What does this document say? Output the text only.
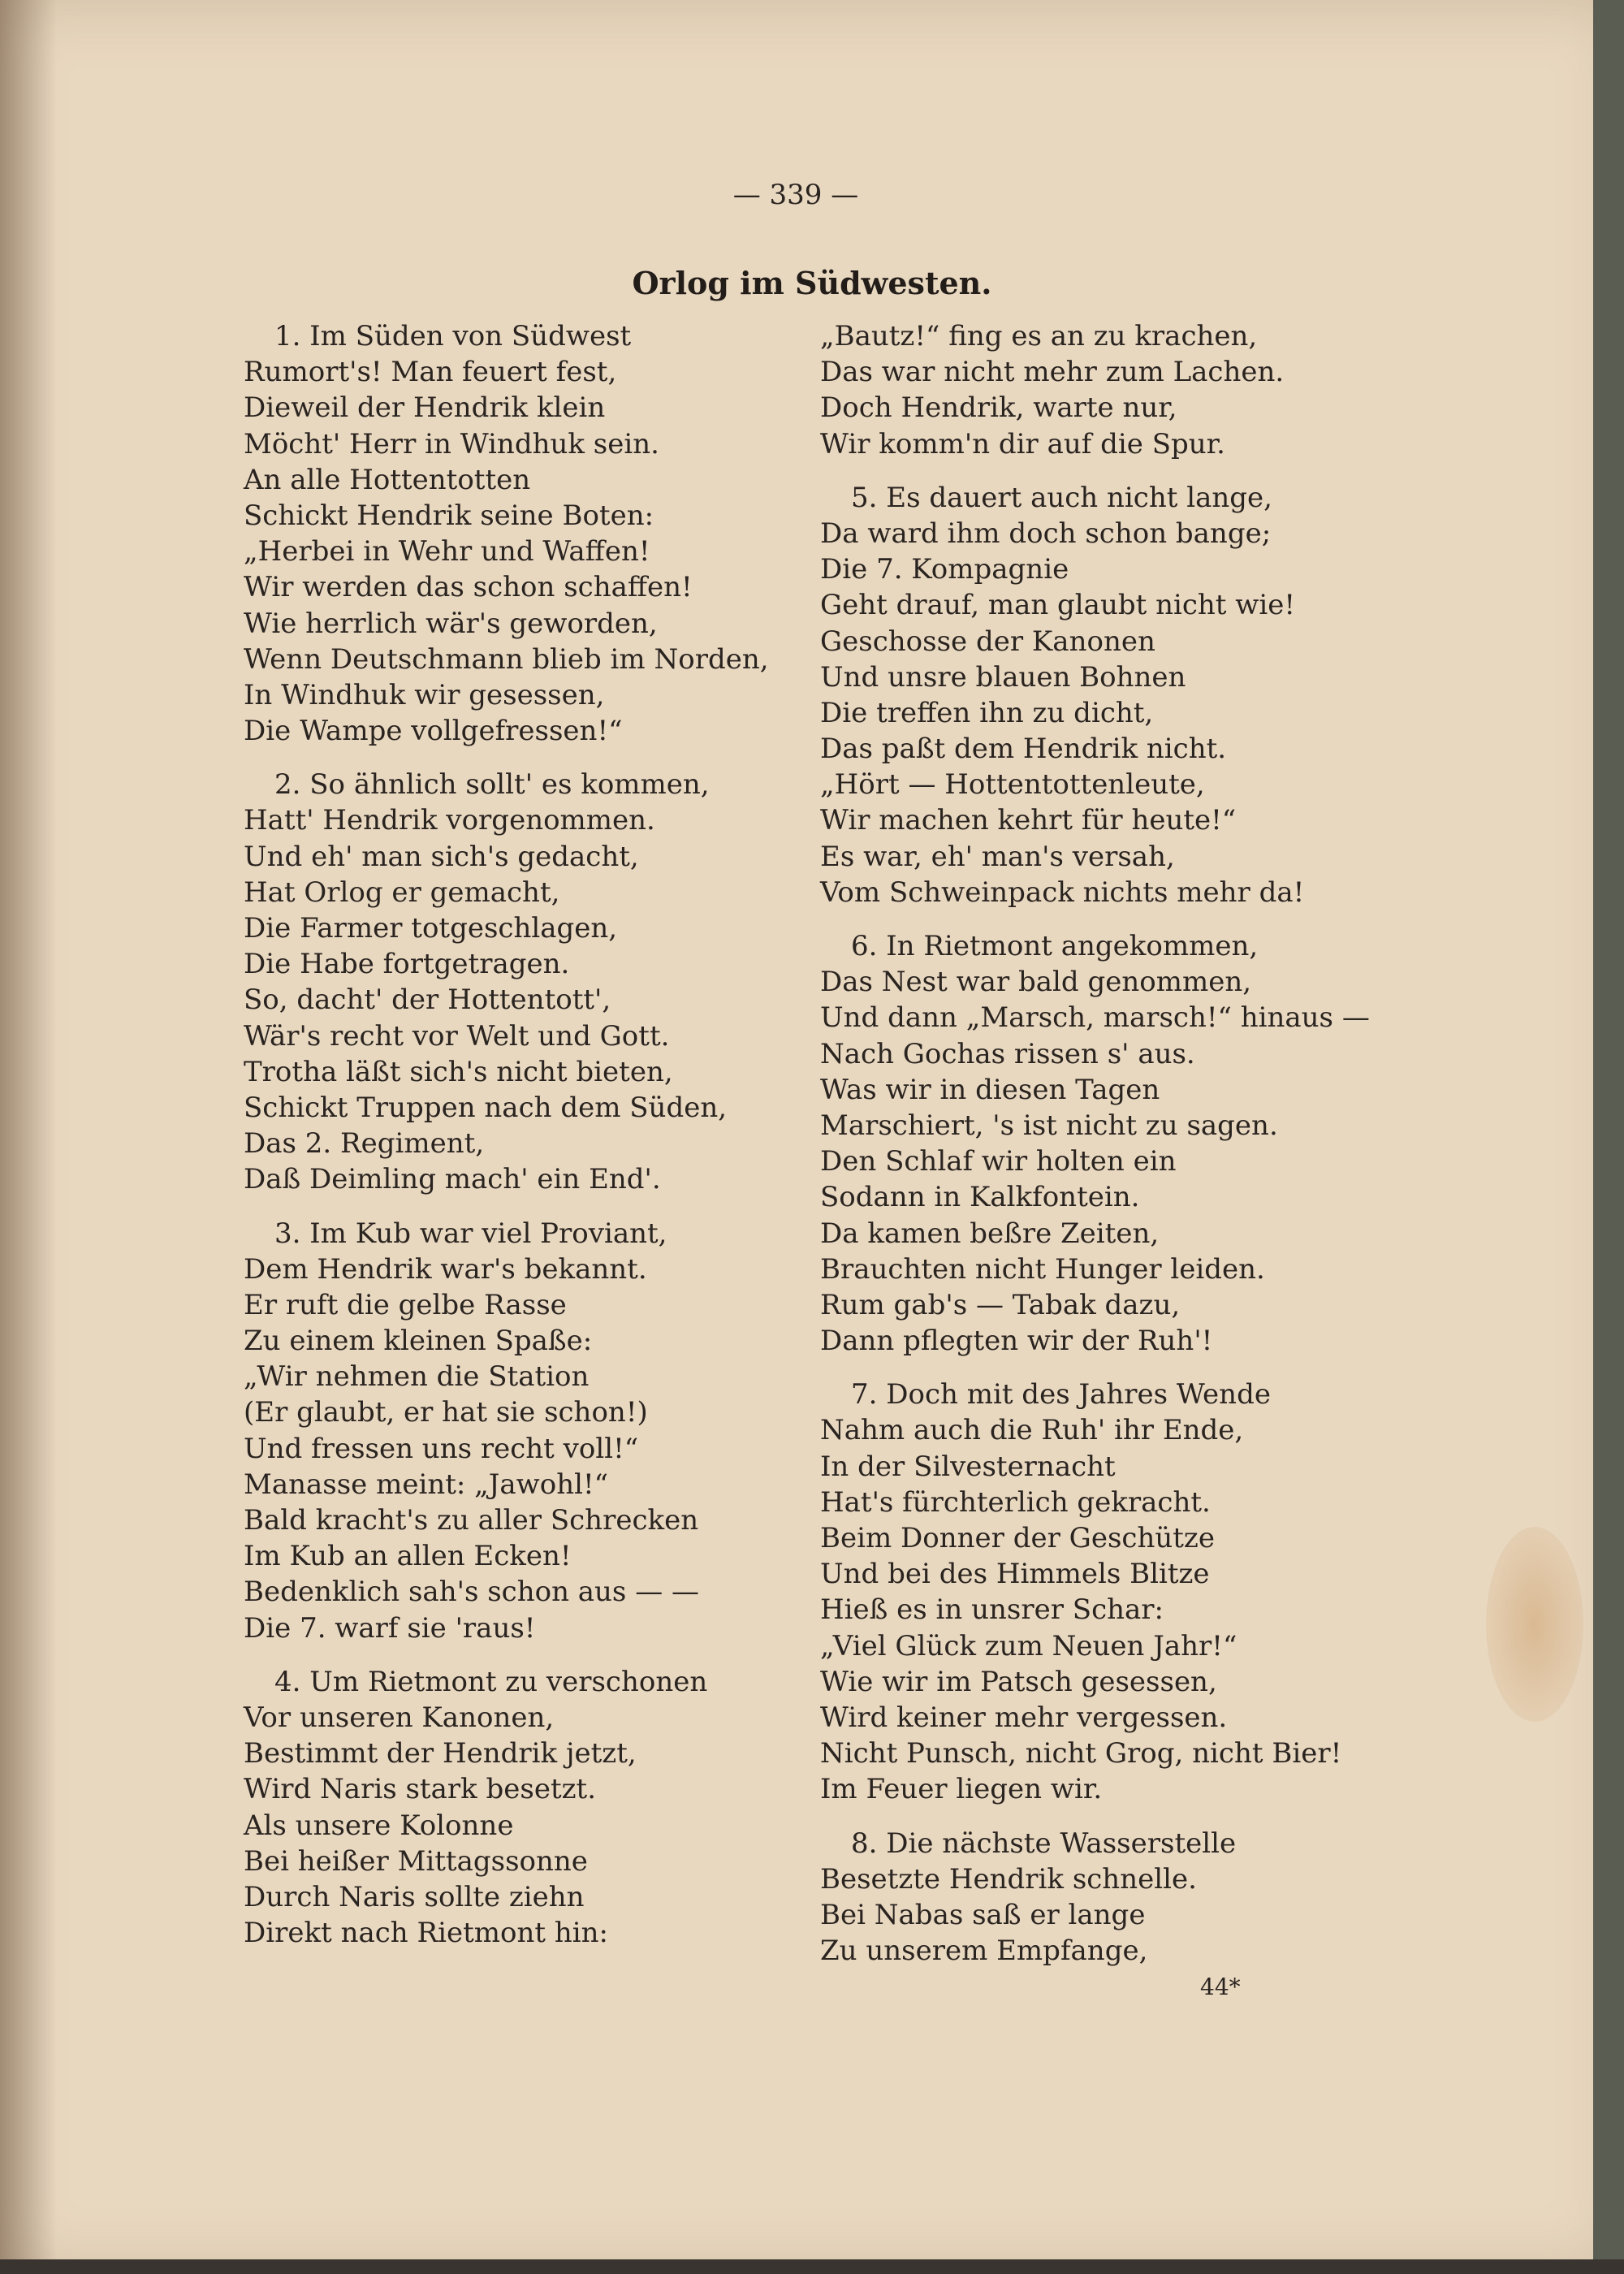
— 339 —
Orlog im Südwesten.
1. Im Süden von Südwest
Rumort's! Man feuert fest,
Dieweil der Hendrik klein
Möcht' Herr in Windhuk sein.
An alle Hottentotten
Schickt Hendrik seine Boten:
„Herbei in Wehr und Waffen!
Wir werden das schon schaffen!
Wie herrlich wär's geworden,
Wenn Deutschmann blieb im Norden,
In Windhuk wir gesessen,
Die Wampe vollgefressen!“
2. So ähnlich sollt' es kommen,
Hatt' Hendrik vorgenommen.
Und eh' man sich's gedacht,
Hat Orlog er gemacht,
Die Farmer totgeschlagen,
Die Habe fortgetragen.
So, dacht' der Hottentott',
Wär's recht vor Welt und Gott.
Trotha läßt sich's nicht bieten,
Schickt Truppen nach dem Süden,
Das 2. Regiment,
Daß Deimling mach' ein End'.
3. Im Kub war viel Proviant,
Dem Hendrik war's bekannt.
Er ruft die gelbe Rasse
Zu einem kleinen Spaße:
„Wir nehmen die Station
(Er glaubt, er hat sie schon!)
Und fressen uns recht voll!“
Manasse meint: „Jawohl!“
Bald kracht's zu aller Schrecken
Im Kub an allen Ecken!
Bedenklich sah's schon aus — —
Die 7. warf sie 'raus!
4. Um Rietmont zu verschonen
Vor unseren Kanonen,
Bestimmt der Hendrik jetzt,
Wird Naris stark besetzt.
Als unsere Kolonne
Bei heißer Mittagssonne
Durch Naris sollte ziehn
Direkt nach Rietmont hin:
„Bautz!“ fing es an zu krachen,
Das war nicht mehr zum Lachen.
Doch Hendrik, warte nur,
Wir komm'n dir auf die Spur.
5. Es dauert auch nicht lange,
Da ward ihm doch schon bange;
Die 7. Kompagnie
Geht drauf, man glaubt nicht wie!
Geschosse der Kanonen
Und unsre blauen Bohnen
Die treffen ihn zu dicht,
Das paßt dem Hendrik nicht.
„Hört — Hottentottenleute,
Wir machen kehrt für heute!“
Es war, eh' man's versah,
Vom Schweinpack nichts mehr da!
6. In Rietmont angekommen,
Das Nest war bald genommen,
Und dann „Marsch, marsch!“ hinaus —
Nach Gochas rissen s' aus.
Was wir in diesen Tagen
Marschiert, 's ist nicht zu sagen.
Den Schlaf wir holten ein
Sodann in Kalkfontein.
Da kamen beßre Zeiten,
Brauchten nicht Hunger leiden.
Rum gab's — Tabak dazu,
Dann pflegten wir der Ruh'!
7. Doch mit des Jahres Wende
Nahm auch die Ruh' ihr Ende,
In der Silvesternacht
Hat's fürchterlich gekracht.
Beim Donner der Geschütze
Und bei des Himmels Blitze
Hieß es in unsrer Schar:
„Viel Glück zum Neuen Jahr!“
Wie wir im Patsch gesessen,
Wird keiner mehr vergessen.
Nicht Punsch, nicht Grog, nicht Bier!
Im Feuer liegen wir.
8. Die nächste Wasserstelle
Besetzte Hendrik schnelle.
Bei Nabas saß er lange
Zu unserem Empfange,
44*
